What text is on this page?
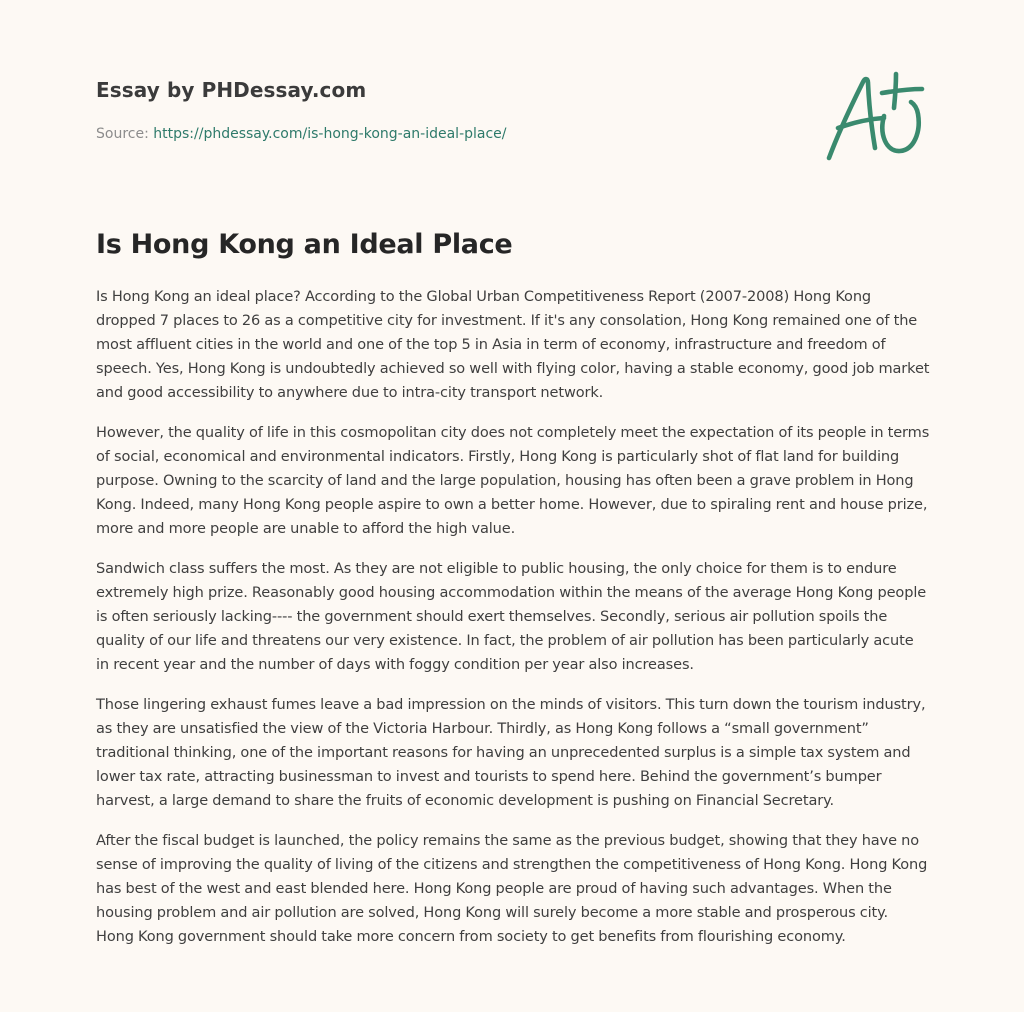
Essay by PHDessay.com
Source: https://phdessay.com/is-hong-kong-an-ideal-place/
Is Hong Kong an Ideal Place

Is Hong Kong an ideal place? According to the Global Urban Competitiveness Report (2007-2008) Hong Kong dropped 7 places to 26 as a competitive city for investment. If it's any consolation, Hong Kong remained one of the most affluent cities in the world and one of the top 5 in Asia in term of economy, infrastructure and freedom of speech. Yes, Hong Kong is undoubtedly achieved so well with flying color, having a stable economy, good job market and good accessibility to anywhere due to intra-city transport network.

However, the quality of life in this cosmopolitan city does not completely meet the expectation of its people in terms of social, economical and environmental indicators. Firstly, Hong Kong is particularly shot of flat land for building purpose. Owning to the scarcity of land and the large population, housing has often been a grave problem in Hong Kong. Indeed, many Hong Kong people aspire to own a better home. However, due to spiraling rent and house prize, more and more people are unable to afford the high value.

Sandwich class suffers the most. As they are not eligible to public housing, the only choice for them is to endure extremely high prize. Reasonably good housing accommodation within the means of the average Hong Kong people is often seriously lacking---- the government should exert themselves. Secondly, serious air pollution spoils the quality of our life and threatens our very existence. In fact, the problem of air pollution has been particularly acute in recent year and the number of days with foggy condition per year also increases.

Those lingering exhaust fumes leave a bad impression on the minds of visitors. This turn down the tourism industry, as they are unsatisfied the view of the Victoria Harbour. Thirdly, as Hong Kong follows a “small government” traditional thinking, one of the important reasons for having an unprecedented surplus is a simple tax system and lower tax rate, attracting businessman to invest and tourists to spend here. Behind the government’s bumper harvest, a large demand to share the fruits of economic development is pushing on Financial Secretary.

After the fiscal budget is launched, the policy remains the same as the previous budget, showing that they have no sense of improving the quality of living of the citizens and strengthen the competitiveness of Hong Kong. Hong Kong has best of the west and east blended here. Hong Kong people are proud of having such advantages. When the housing problem and air pollution are solved, Hong Kong will surely become a more stable and prosperous city. Hong Kong government should take more concern from society to get benefits from flourishing economy.
